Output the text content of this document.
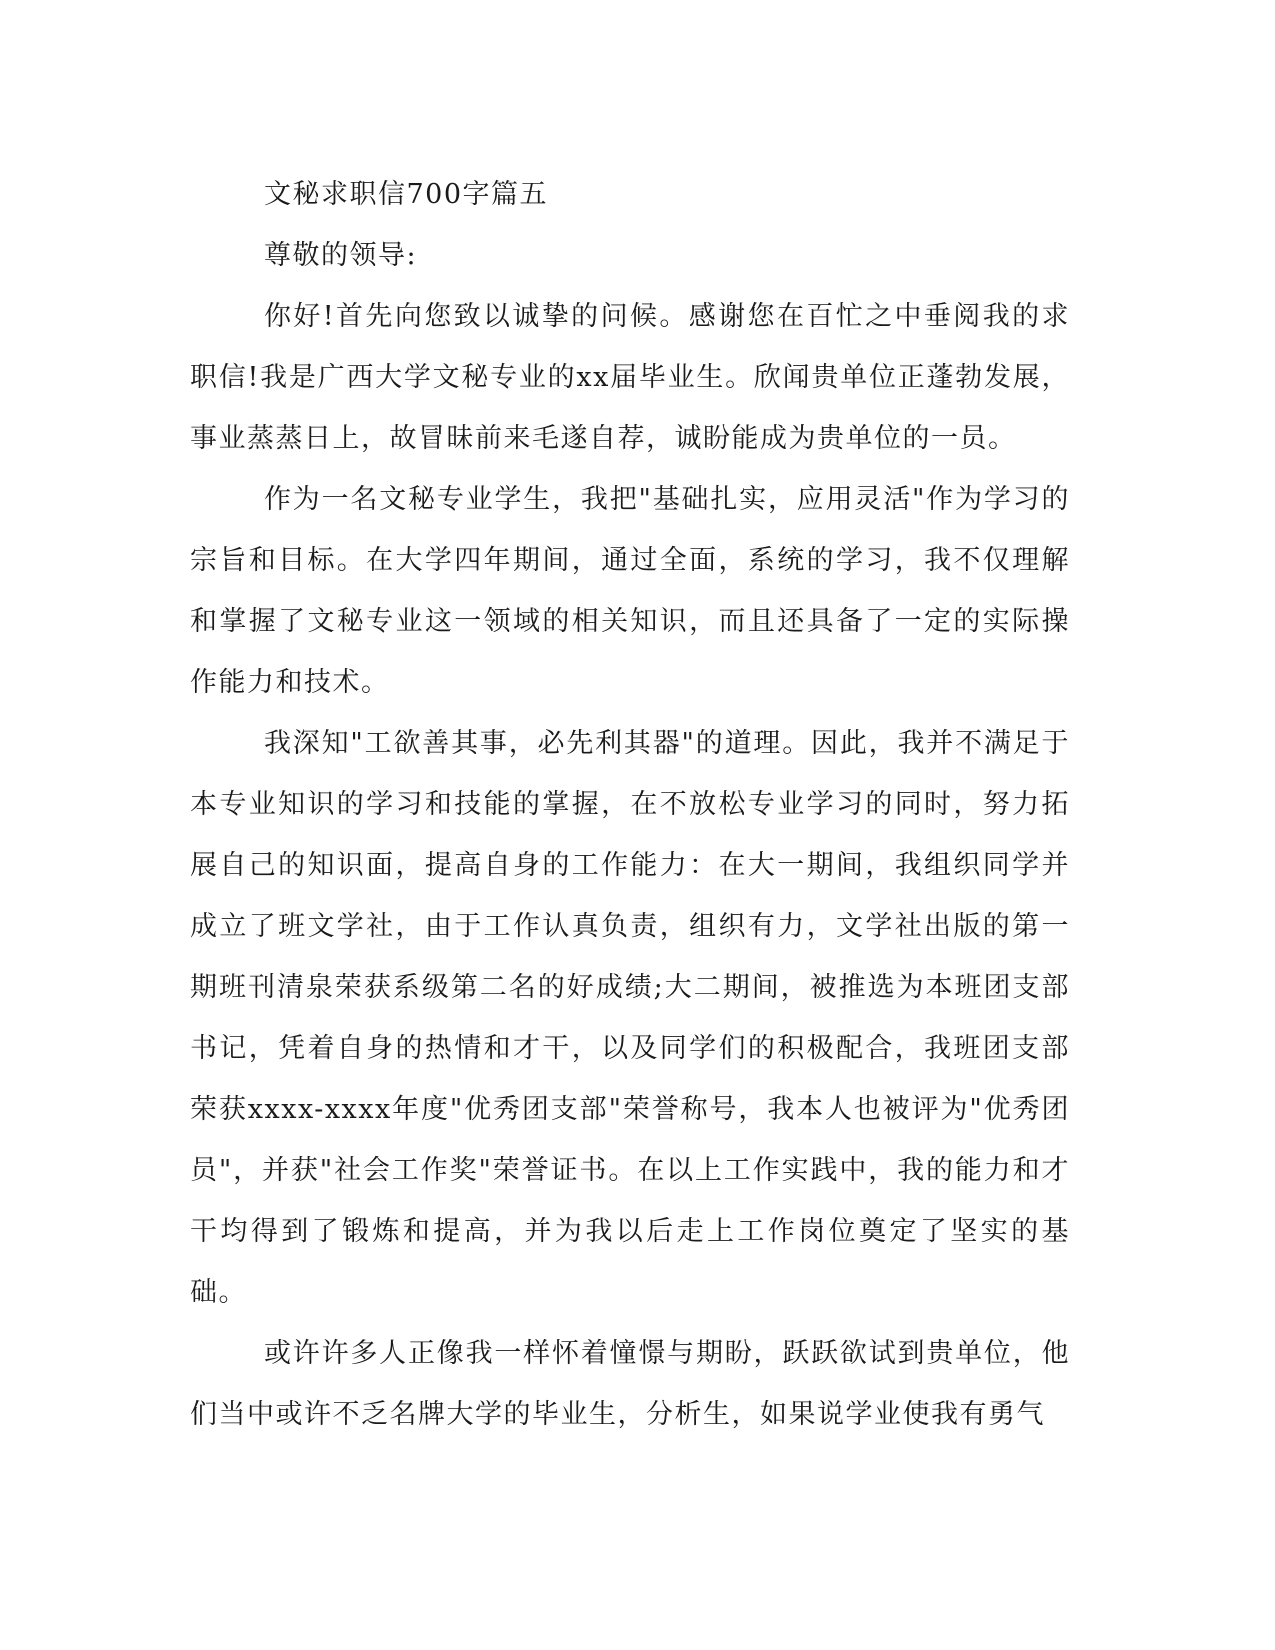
文秘求职信700字篇五

尊敬的领导:

你好!首先向您致以诚挚的问候。感谢您在百忙之中垂阅我的求职信!我是广西大学文秘专业的xx届毕业生。欣闻贵单位正蓬勃发展，事业蒸蒸日上，故冒昧前来毛遂自荐，诚盼能成为贵单位的一员。

作为一名文秘专业学生，我把"基础扎实，应用灵活"作为学习的宗旨和目标。在大学四年期间，通过全面，系统的学习，我不仅理解和掌握了文秘专业这一领域的相关知识，而且还具备了一定的实际操作能力和技术。

我深知"工欲善其事，必先利其器"的道理。因此，我并不满足于本专业知识的学习和技能的掌握，在不放松专业学习的同时，努力拓展自己的知识面，提高自身的工作能力：在大一期间，我组织同学并成立了班文学社，由于工作认真负责，组织有力，文学社出版的第一期班刊清泉荣获系级第二名的好成绩;大二期间，被推选为本班团支部书记，凭着自身的热情和才干，以及同学们的积极配合，我班团支部荣获xxxx-xxxx年度"优秀团支部"荣誉称号，我本人也被评为"优秀团员"，并获"社会工作奖"荣誉证书。在以上工作实践中，我的能力和才干均得到了锻炼和提高，并为我以后走上工作岗位奠定了坚实的基础。

或许许多人正像我一样怀着憧憬与期盼，跃跃欲试到贵单位，他们当中或许不乏名牌大学的毕业生，分析生，如果说学业使我有勇气
